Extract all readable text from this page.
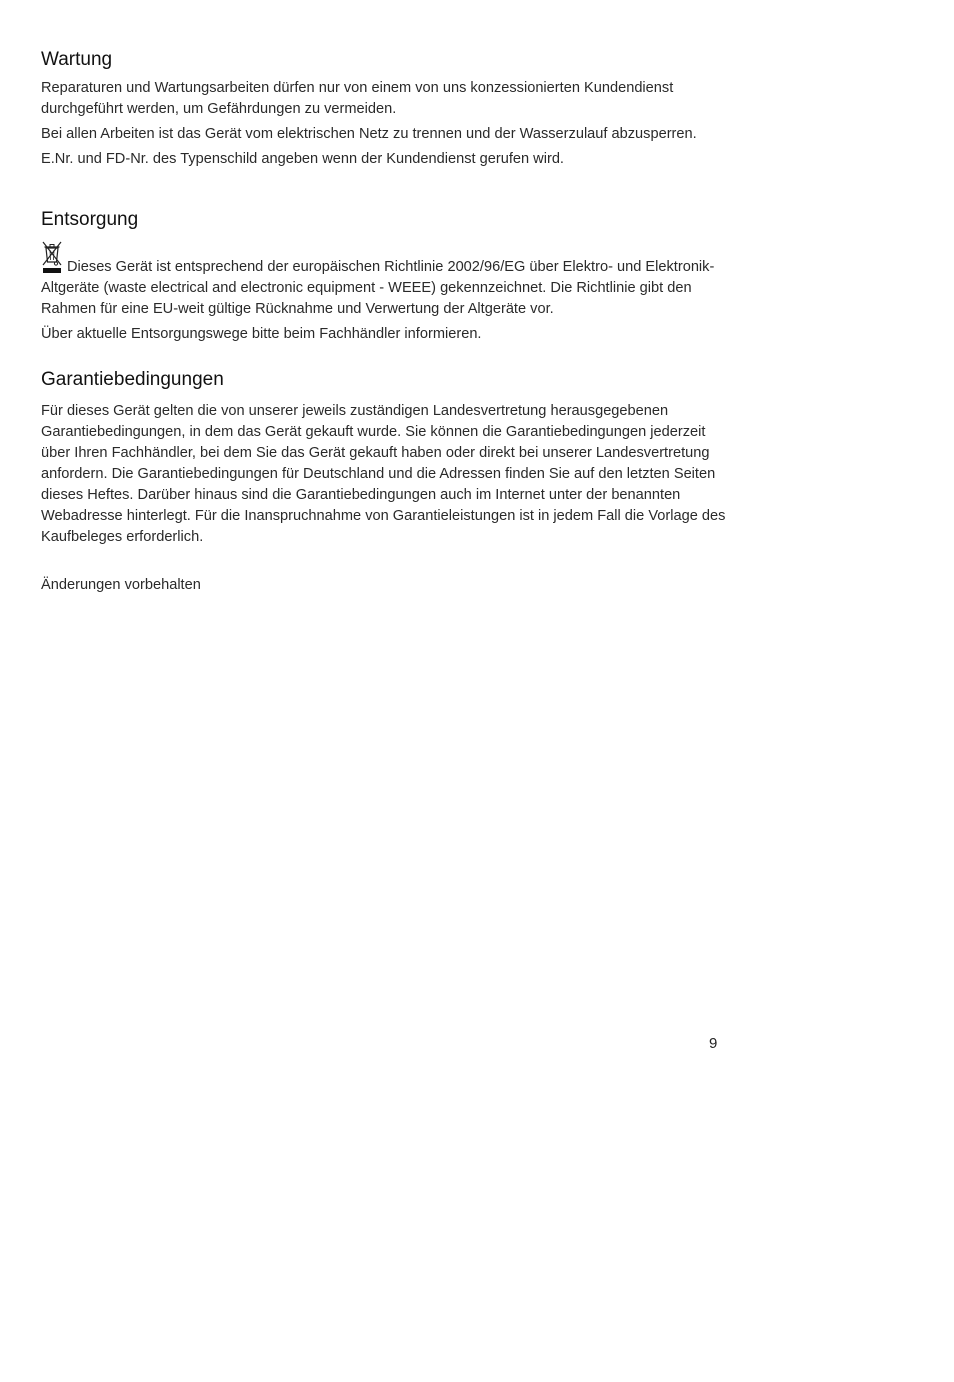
Wartung

Reparaturen und Wartungsarbeiten dürfen nur von einem von uns konzessionierten Kundendienst durchgeführt werden, um Gefährdungen zu vermeiden.

Bei allen Arbeiten ist das Gerät vom elektrischen Netz zu trennen und der Wasserzulauf abzusperren.

E.Nr. und FD-Nr. des Typenschild angeben wenn der Kundendienst gerufen wird.

Entsorgung

Dieses Gerät ist entsprechend der europäischen Richtlinie 2002/96/EG über Elektro- und Elektronik-Altgeräte (waste electrical and electronic equipment - WEEE) gekennzeichnet. Die Richtlinie gibt den Rahmen für eine EU-weit gültige Rücknahme und Verwertung der Altgeräte vor.

Über aktuelle Entsorgungswege bitte beim Fachhändler informieren.

Garantiebedingungen

Für dieses Gerät gelten die von unserer jeweils zuständigen Landesvertretung herausgegebenen Garantiebedingungen, in dem das Gerät gekauft wurde. Sie können die Garantiebedingungen jederzeit über Ihren Fachhändler, bei dem Sie das Gerät gekauft haben oder direkt bei unserer Landesvertretung anfordern. Die Garantiebedingungen für Deutschland und die Adressen finden Sie auf den letzten Seiten dieses Heftes. Darüber hinaus sind die Garantiebedingungen auch im Internet unter der benannten Webadresse hinterlegt. Für die Inanspruchnahme von Garantieleistungen ist in jedem Fall die Vorlage des Kaufbeleges erforderlich.

Änderungen vorbehalten

9
